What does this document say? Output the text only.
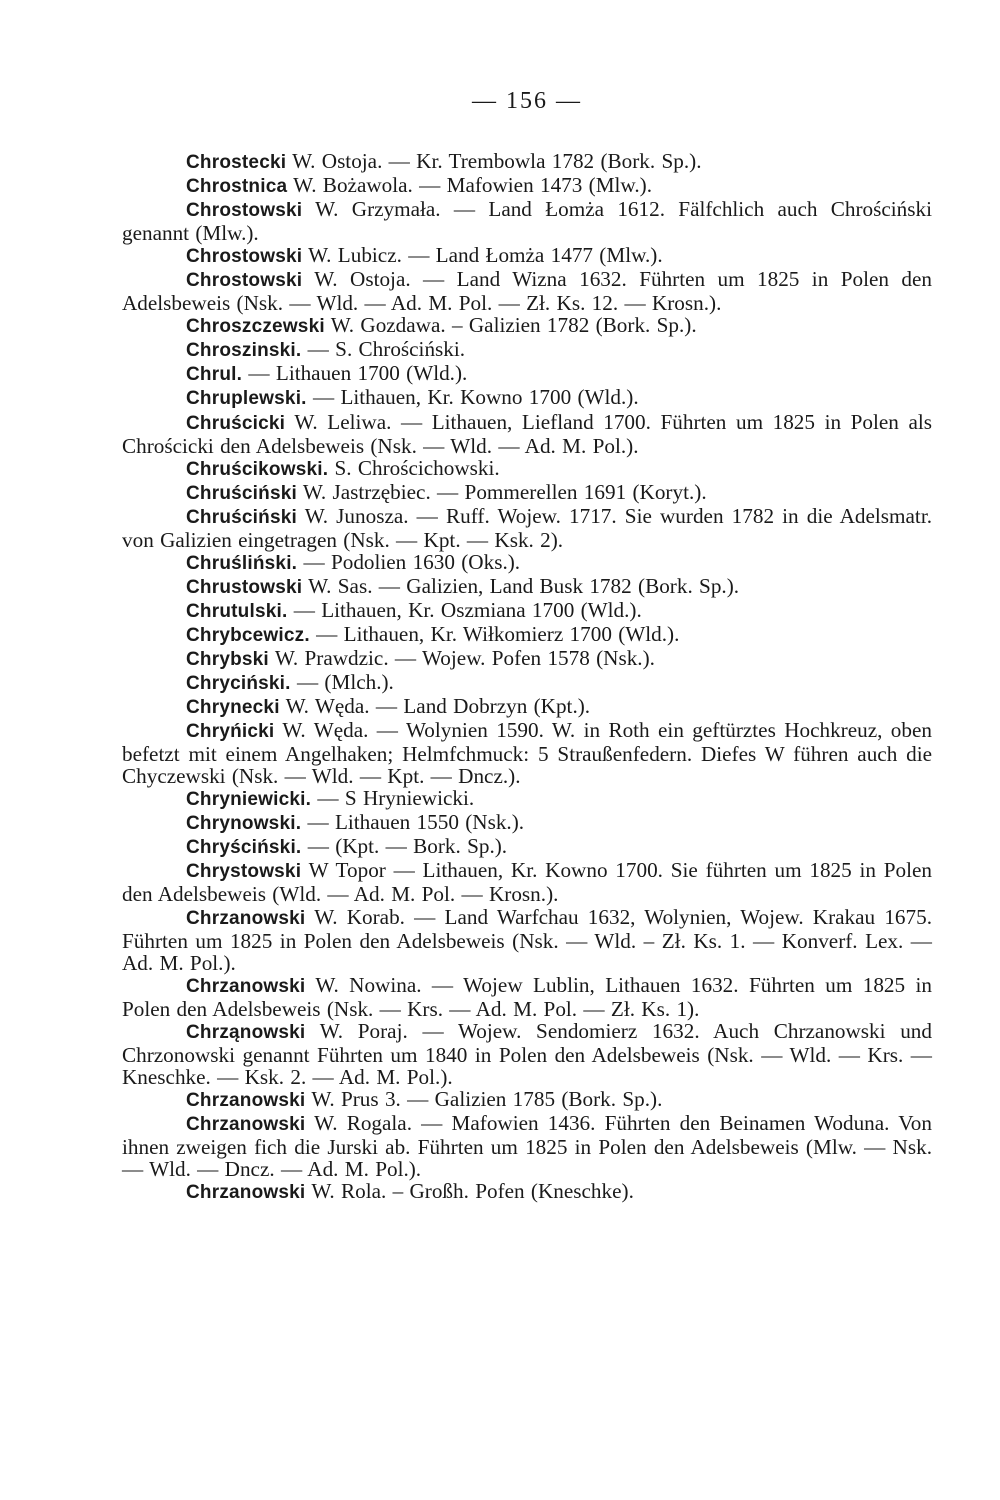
— 156 —

Chrostecki W. Ostoja. — Kr. Trembowla 1782 (Bork. Sp.).

Chrostnica W. Bożawola. — Mafowien 1473 (Mlw.).

Chrostowski W. Grzymała. — Land Łomża 1612. Fälfchlich auch Chrościński genannt (Mlw.).

Chrostowski W. Lubicz. — Land Łomża 1477 (Mlw.).

Chrostowski W. Ostoja. — Land Wizna 1632. Führten um 1825 in Polen den Adelsbeweis (Nsk. — Wld. — Ad. M. Pol. — Zł. Ks. 12. — Krosn.).

Chroszczewski W. Gozdawa. – Galizien 1782 (Bork. Sp.).

Chroszinski. — S. Chrościński.

Chrul. — Lithauen 1700 (Wld.).

Chruplewski. — Lithauen, Kr. Kowno 1700 (Wld.).

Chruścicki W. Leliwa. — Lithauen, Liefland 1700. Führten um 1825 in Polen als Chrościcki den Adelsbeweis (Nsk. — Wld. — Ad. M. Pol.).

Chruścikowski. S. Chrościchowski.

Chruściński W. Jastrzębiec. — Pommerellen 1691 (Koryt.).

Chruściński W. Junosza. — Ruff. Wojew. 1717. Sie wurden 1782 in die Adelsmatr. von Galizien eingetragen (Nsk. — Kpt. — Ksk. 2).

Chruśliński. — Podolien 1630 (Oks.).

Chrustowski W. Sas. — Galizien, Land Busk 1782 (Bork. Sp.).

Chrutulski. — Lithauen, Kr. Oszmiana 1700 (Wld.).

Chrybcewicz. — Lithauen, Kr. Wiłkomierz 1700 (Wld.).

Chrybski W. Prawdzic. — Wojew. Pofen 1578 (Nsk.).

Chryciński. — (Mlch.).

Chrynecki W. Węda. — Land Dobrzyn (Kpt.).

Chryńicki W. Węda. — Wolynien 1590. W. in Roth ein geftürztes Hochkreuz, oben befetzt mit einem Angelhaken; Helmfchmuck: 5 Straußenfedern. Diefes W führen auch die Chyczewski (Nsk. — Wld. — Kpt. — Dncz.).

Chryniewicki. — S Hryniewicki.

Chrynowski. — Lithauen 1550 (Nsk.).

Chryściński. — (Kpt. — Bork. Sp.).

Chrystowski W Topor — Lithauen, Kr. Kowno 1700. Sie führten um 1825 in Polen den Adelsbeweis (Wld. — Ad. M. Pol. — Krosn.).

Chrzanowski W. Korab. — Land Warfchau 1632, Wolynien, Wojew. Krakau 1675. Führten um 1825 in Polen den Adelsbeweis (Nsk. — Wld. – Zł. Ks. 1. — Konverf. Lex. — Ad. M. Pol.).

Chrzanowski W. Nowina. — Wojew Lublin, Lithauen 1632. Führten um 1825 in Polen den Adelsbeweis (Nsk. — Krs. — Ad. M. Pol. — Zł. Ks. 1).

Chrząnowski W. Poraj. — Wojew. Sendomierz 1632. Auch Chrzanowski und Chrzonowski genannt Führten um 1840 in Polen den Adelsbeweis (Nsk. — Wld. — Krs. — Kneschke. — Ksk. 2. — Ad. M. Pol.).

Chrzanowski W. Prus 3. — Galizien 1785 (Bork. Sp.).

Chrzanowski W. Rogala. — Mafowien 1436. Führten den Beinamen Woduna. Von ihnen zweigen fich die Jurski ab. Führten um 1825 in Polen den Adelsbeweis (Mlw. — Nsk. — Wld. — Dncz. — Ad. M. Pol.).

Chrzanowski W. Rola. – Großh. Pofen (Kneschke).
